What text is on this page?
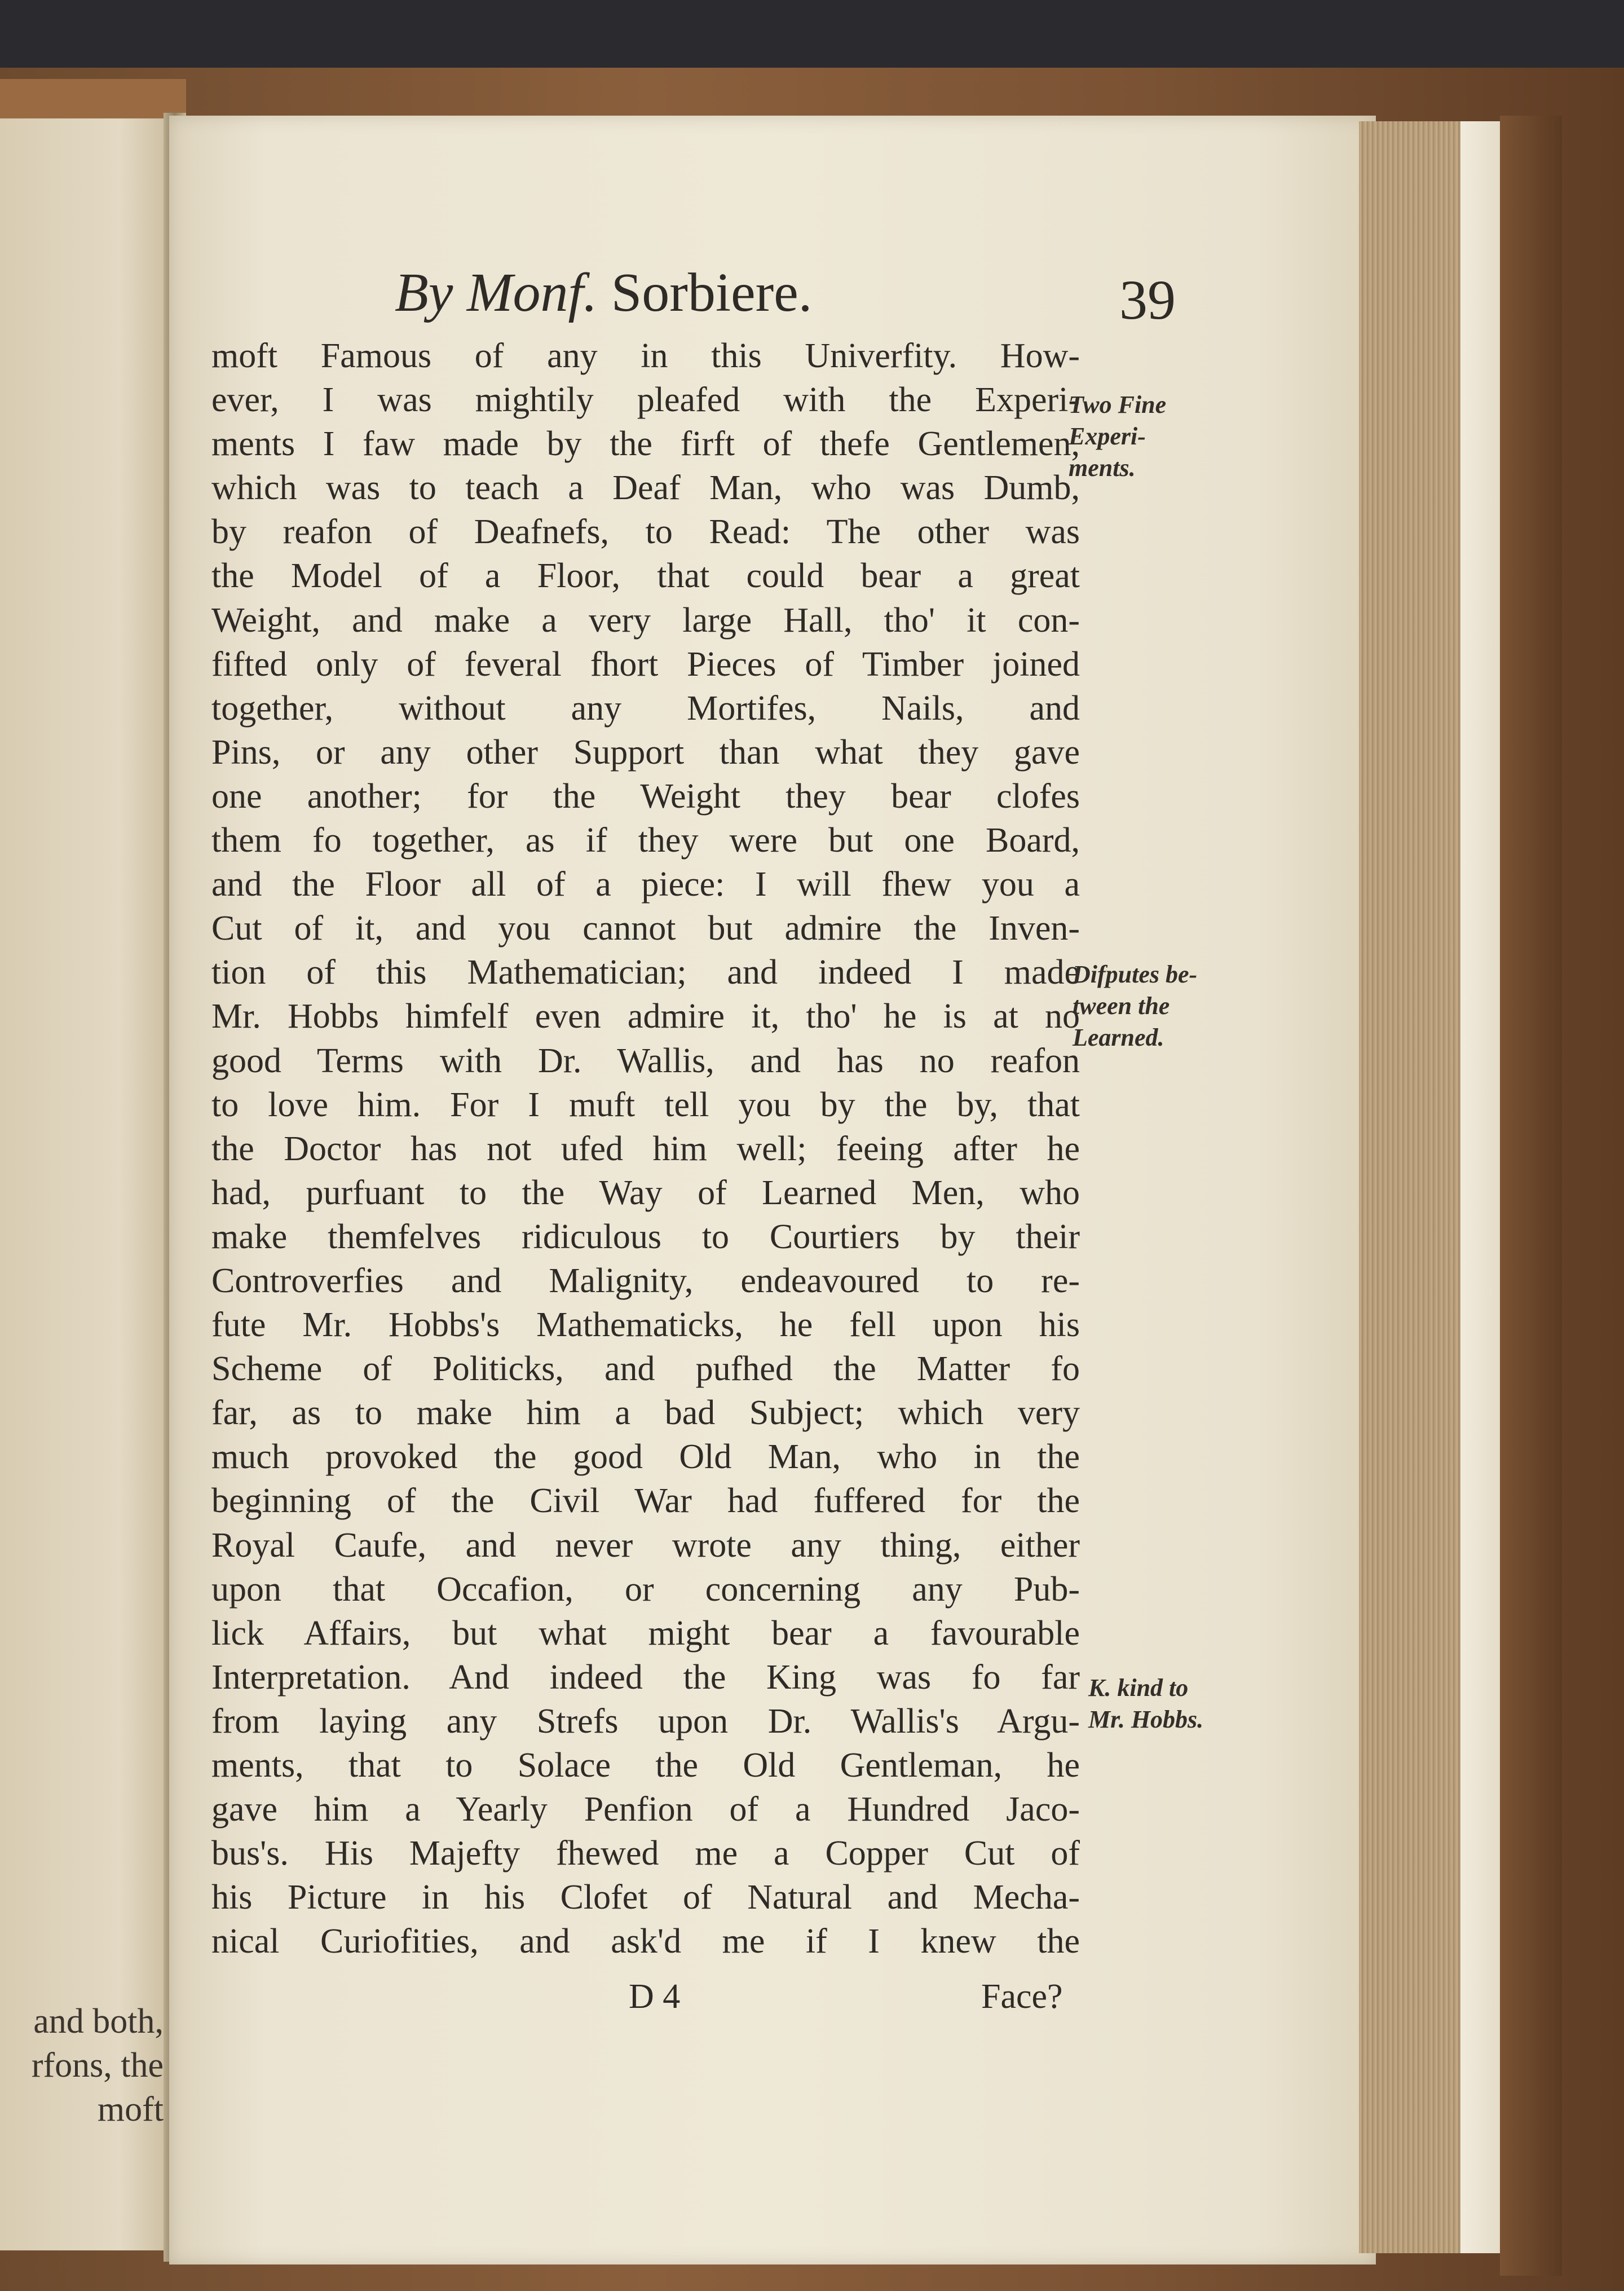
and both,
rfons, the
moft
By Monf. Sorbiere.	39
moft Famous of any in this Univerfity. How-
ever, I was mightily pleafed with the Experi-
ments I faw made by the firft of thefe Gentlemen,
which was to teach a Deaf Man, who was Dumb,
by reafon of Deafnefs, to Read: The other was
the Model of a Floor, that could bear a great
Weight, and make a very large Hall, tho' it con-
fifted only of feveral fhort Pieces of Timber joined
together, without any Mortifes, Nails, and
Pins, or any other Support than what they gave
one another; for the Weight they bear clofes
them fo together, as if they were but one Board,
and the Floor all of a piece: I will fhew you a
Cut of it, and you cannot but admire the Inven-
tion of this Mathematician; and indeed I made
Mr. Hobbs himfelf even admire it, tho' he is at no
good Terms with Dr. Wallis, and has no reafon
to love him. For I muft tell you by the by, that
the Doctor has not ufed him well; feeing after he
had, purfuant to the Way of Learned Men, who
make themfelves ridiculous to Courtiers by their
Controverfies and Malignity, endeavoured to re-
fute Mr. Hobbs's Mathematicks, he fell upon his
Scheme of Politicks, and pufhed the Matter fo
far, as to make him a bad Subject; which very
much provoked the good Old Man, who in the
beginning of the Civil War had fuffered for the
Royal Caufe, and never wrote any thing, either
upon that Occafion, or concerning any Pub-
lick Affairs, but what might bear a favourable
Interpretation. And indeed the King was fo far
from laying any Strefs upon Dr. Wallis's Argu-
ments, that to Solace the Old Gentleman, he
gave him a Yearly Penfion of a Hundred Jaco-
bus's. His Majefty fhewed me a Copper Cut of
his Picture in his Clofet of Natural and Mecha-
nical Curiofities, and ask'd me if I knew the
Two Fine
Experi-
ments.
Difputes be-
tween the
Learned.
K. kind to
Mr. Hobbs.
D 4	Face?
